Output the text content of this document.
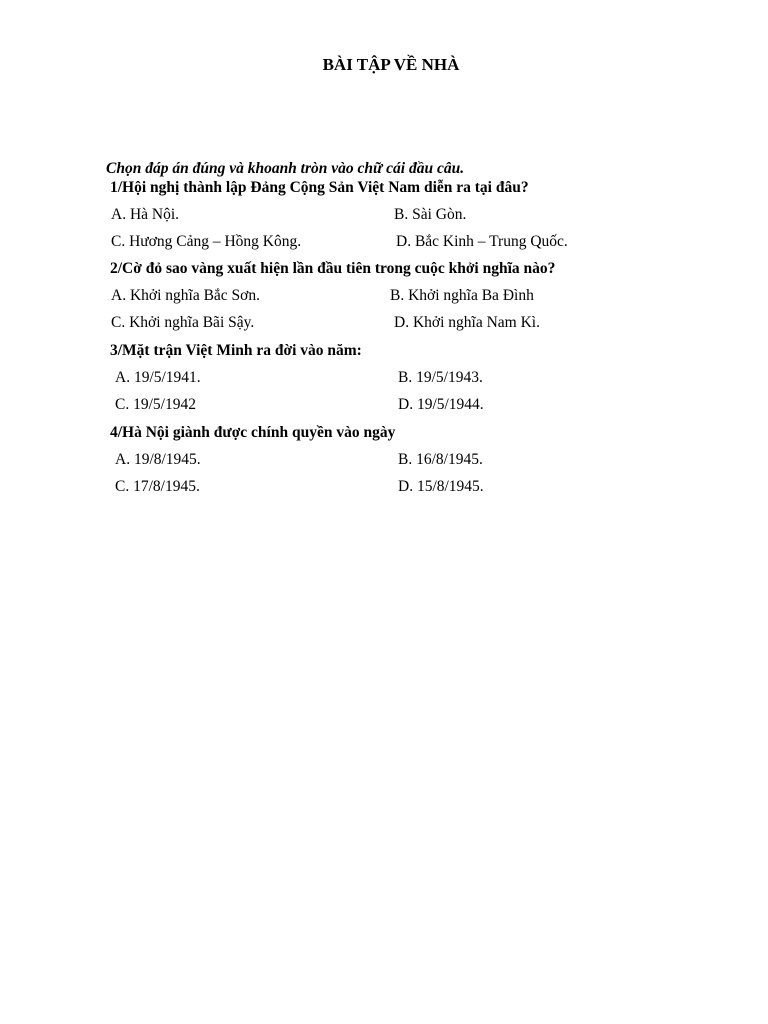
BÀI TẬP VỀ NHÀ
Chọn đáp án đúng và khoanh tròn vào chữ cái đầu câu.
1/Hội nghị thành lập Đảng Cộng Sản Việt Nam diễn ra tại đâu?
A. Hà Nội.	B. Sài Gòn.
C. Hương Cảng – Hồng Kông.	D. Bắc Kinh – Trung Quốc.
2/Cờ đỏ sao vàng xuất hiện lần đầu tiên trong cuộc khởi nghĩa nào?
A. Khởi nghĩa Bắc Sơn.	B. Khởi nghĩa Ba Đình
C. Khởi nghĩa Bãi Sậy.	D. Khởi nghĩa Nam Kì.
3/Mặt trận Việt Minh ra đời vào năm:
A. 19/5/1941.	B. 19/5/1943.
C. 19/5/1942	D. 19/5/1944.
4/Hà Nội giành được chính quyền vào ngày
A. 19/8/1945.	B. 16/8/1945.
C. 17/8/1945.	D. 15/8/1945.
